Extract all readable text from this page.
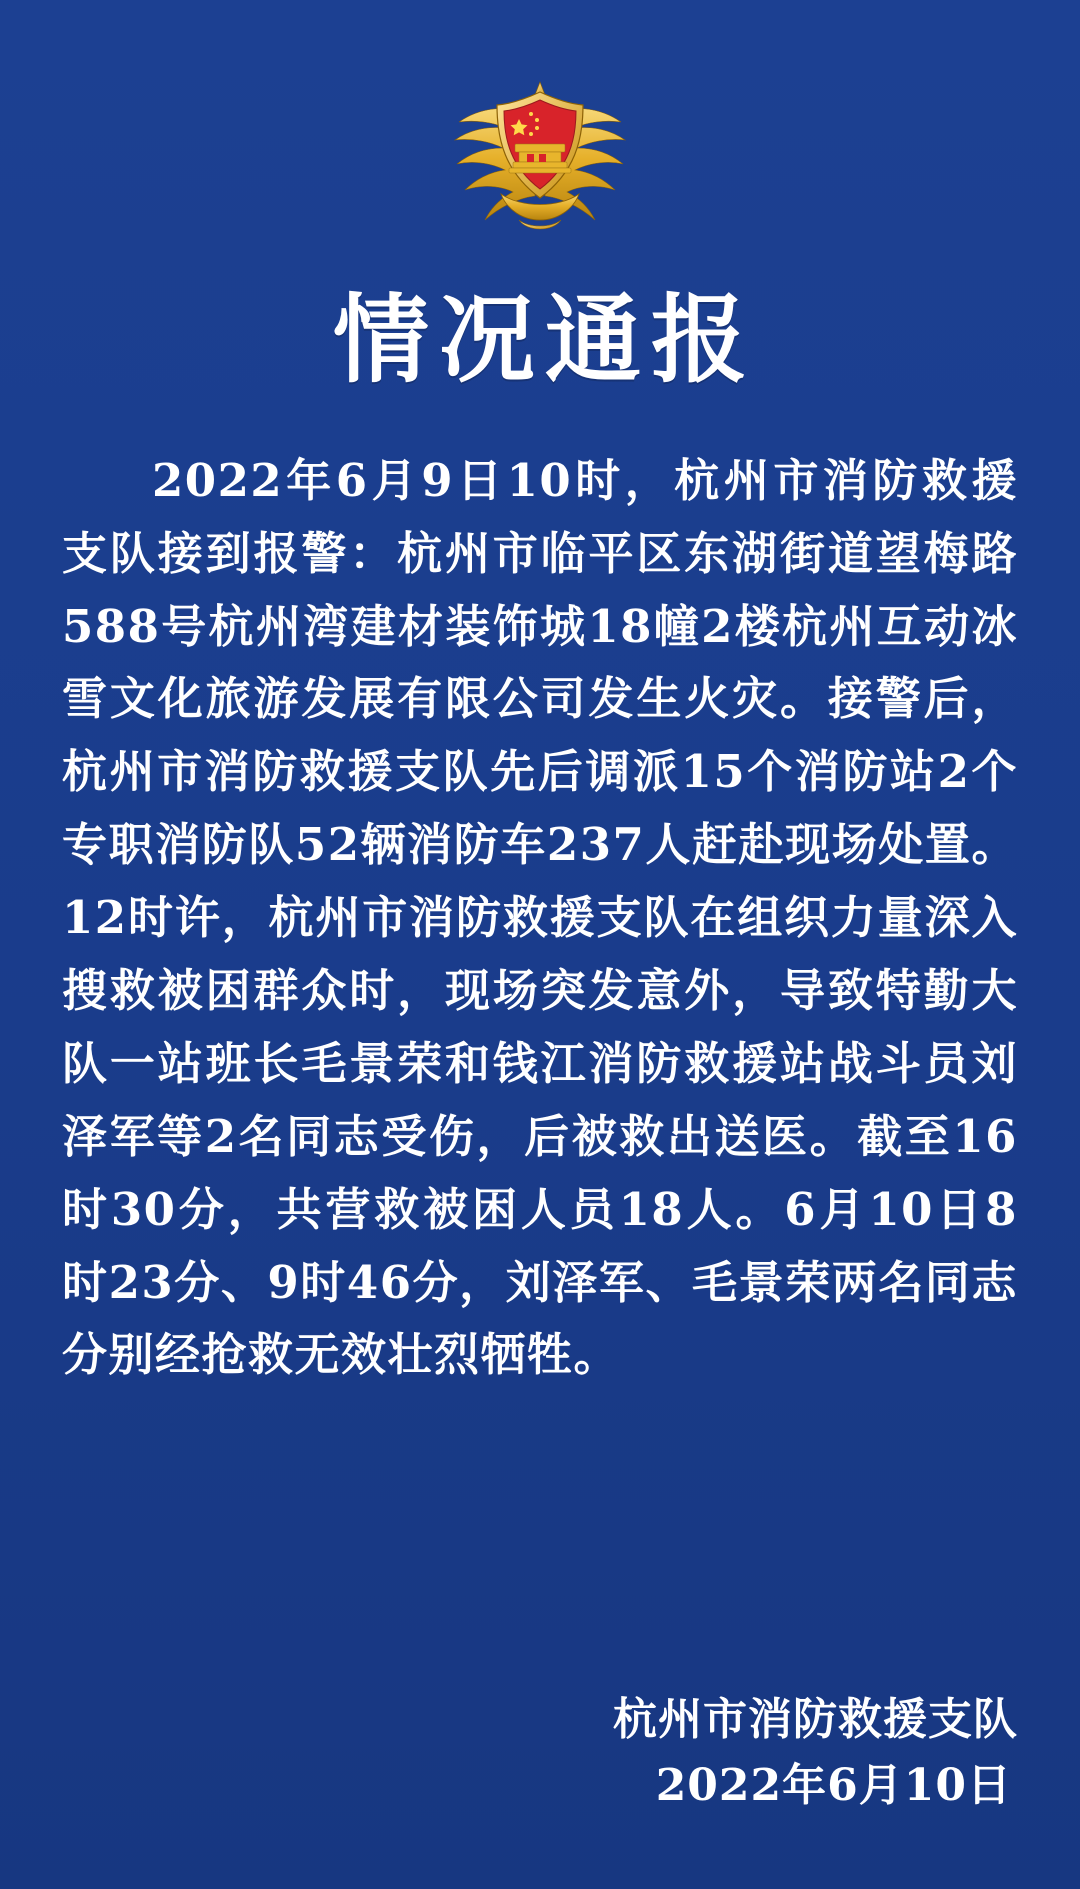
情况通报
2022年6月9日10时，杭州市消防救援支队接到报警：杭州市临平区东湖街道望梅路588号杭州湾建材装饰城18幢2楼杭州互动冰雪文化旅游发展有限公司发生火灾。接警后，杭州市消防救援支队先后调派15个消防站2个专职消防队52辆消防车237人赶赴现场处置。12时许，杭州市消防救援支队在组织力量深入搜救被困群众时，现场突发意外，导致特勤大队一站班长毛景荣和钱江消防救援站战斗员刘泽军等2名同志受伤，后被救出送医。截至16时30分，共营救被困人员18人。6月10日8时23分、9时46分，刘泽军、毛景荣两名同志分别经抢救无效壮烈牺牲。
杭州市消防救援支队
2022年6月10日
